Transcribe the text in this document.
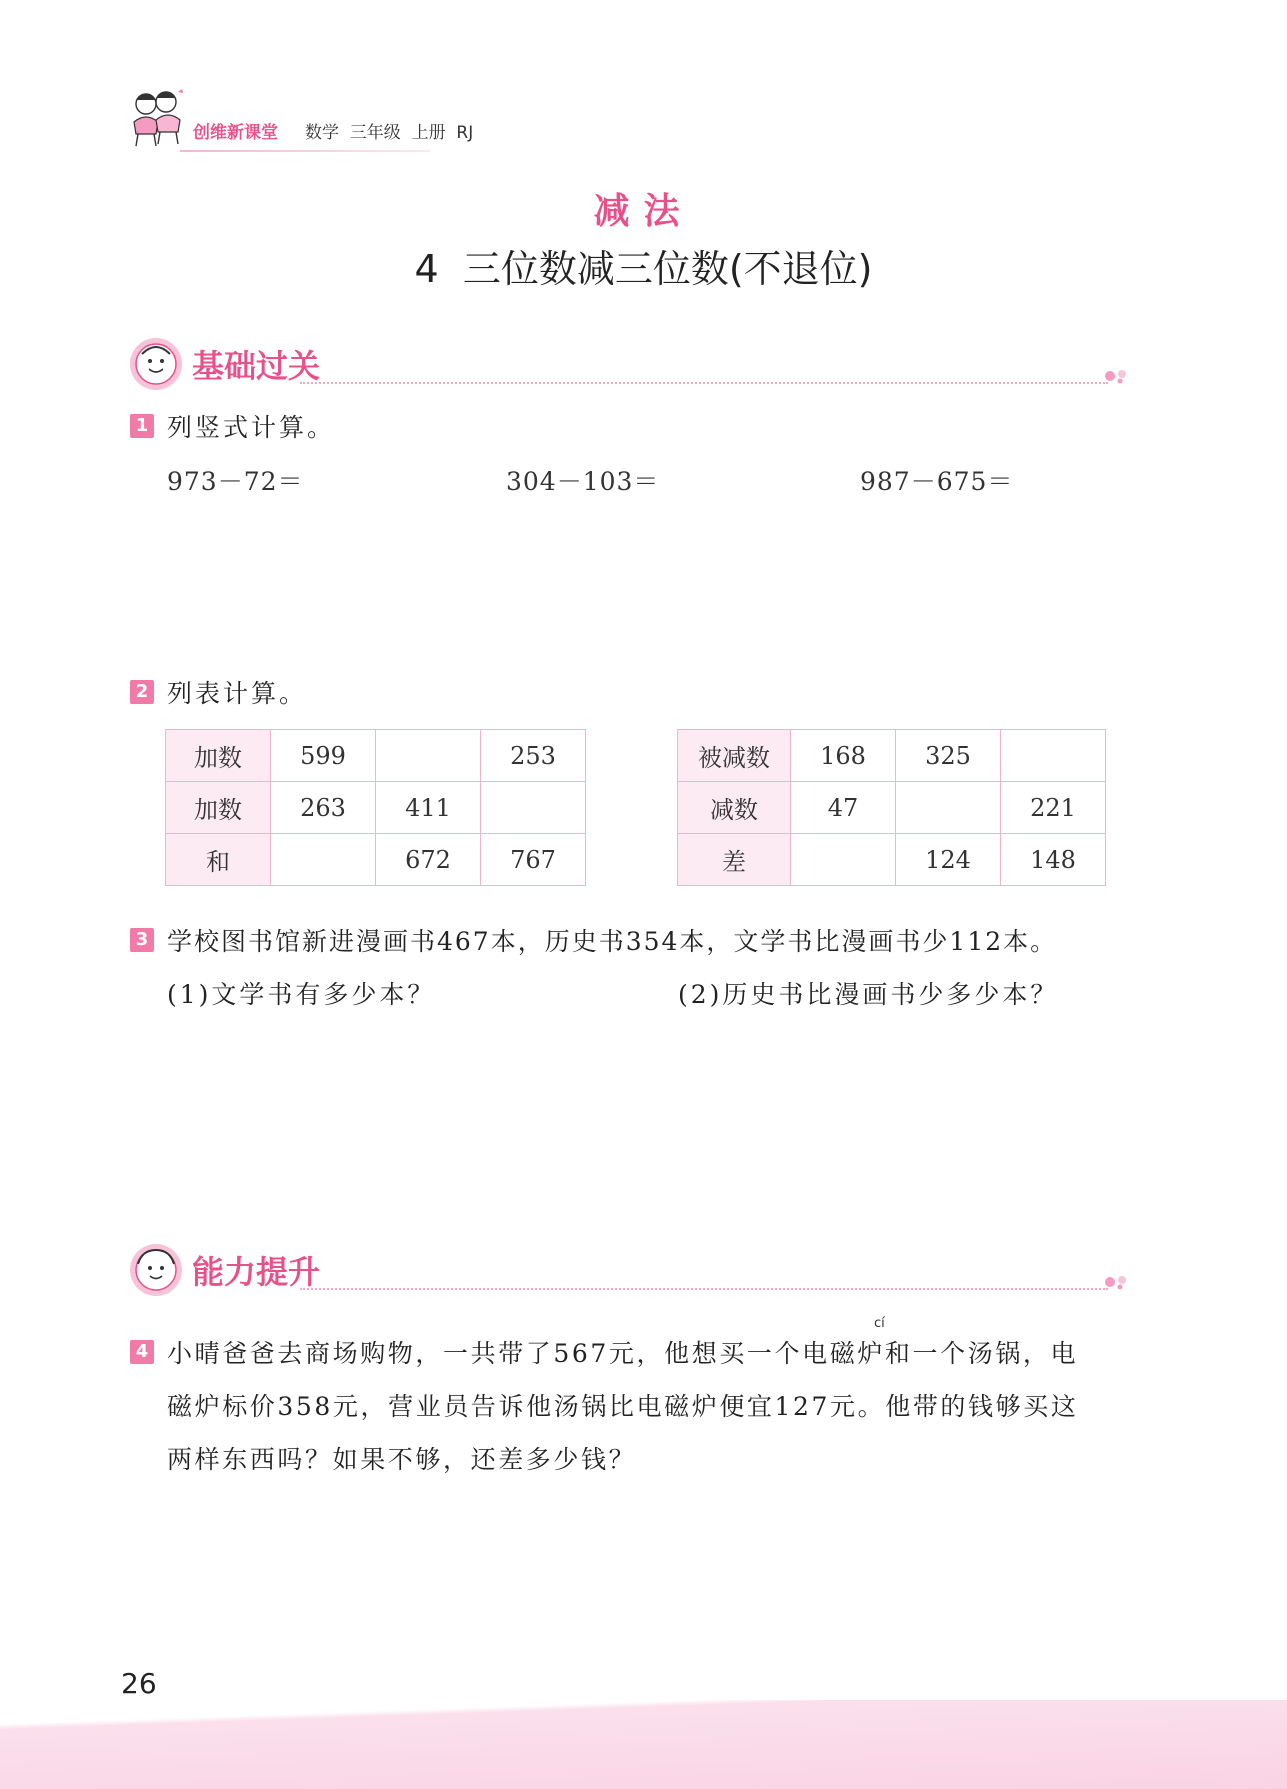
创维新课堂 数学  三年级  上册  RJ
减法
4  三位数减三位数(不退位)
基础过关
1 列竖式计算。
973－72＝	304－103＝	987－675＝
2 列表计算。
加数	599		253
加数	263	411	
和		672	767
被减数	168	325	
减数	47		221
差		124	148
3 学校图书馆新进漫画书467本，历史书354本，文学书比漫画书少112本。
(1)文学书有多少本？	(2)历史书比漫画书少多少本？
能力提升
cí
4 小晴爸爸去商场购物，一共带了567元，他想买一个电磁炉和一个汤锅，电
磁炉标价358元，营业员告诉他汤锅比电磁炉便宜127元。他带的钱够买这
两样东西吗？如果不够，还差多少钱？
26
